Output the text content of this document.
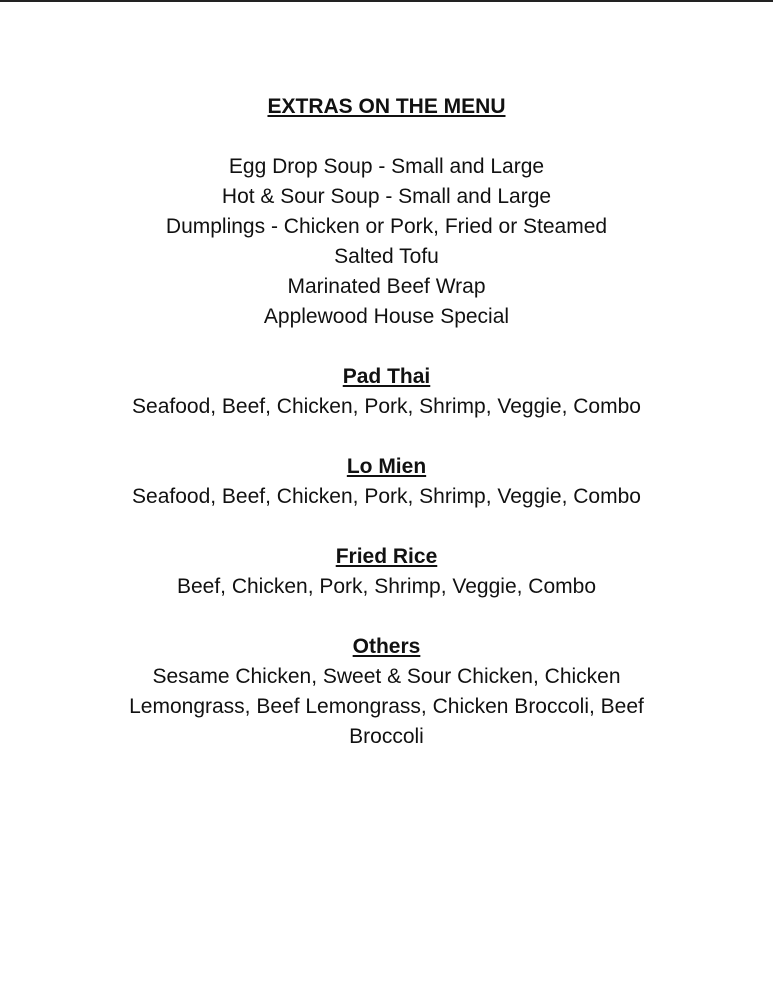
EXTRAS ON THE MENU

Egg Drop Soup - Small and Large

Hot & Sour Soup - Small and Large

Dumplings - Chicken or Pork, Fried or Steamed

Salted Tofu

Marinated Beef Wrap

Applewood House Special

Pad Thai

Seafood, Beef, Chicken, Pork, Shrimp, Veggie, Combo

Lo Mien

Seafood, Beef, Chicken, Pork, Shrimp, Veggie, Combo

Fried Rice

Beef, Chicken, Pork, Shrimp, Veggie, Combo

Others

Sesame Chicken, Sweet & Sour Chicken, Chicken Lemongrass, Beef Lemongrass, Chicken Broccoli, Beef Broccoli
